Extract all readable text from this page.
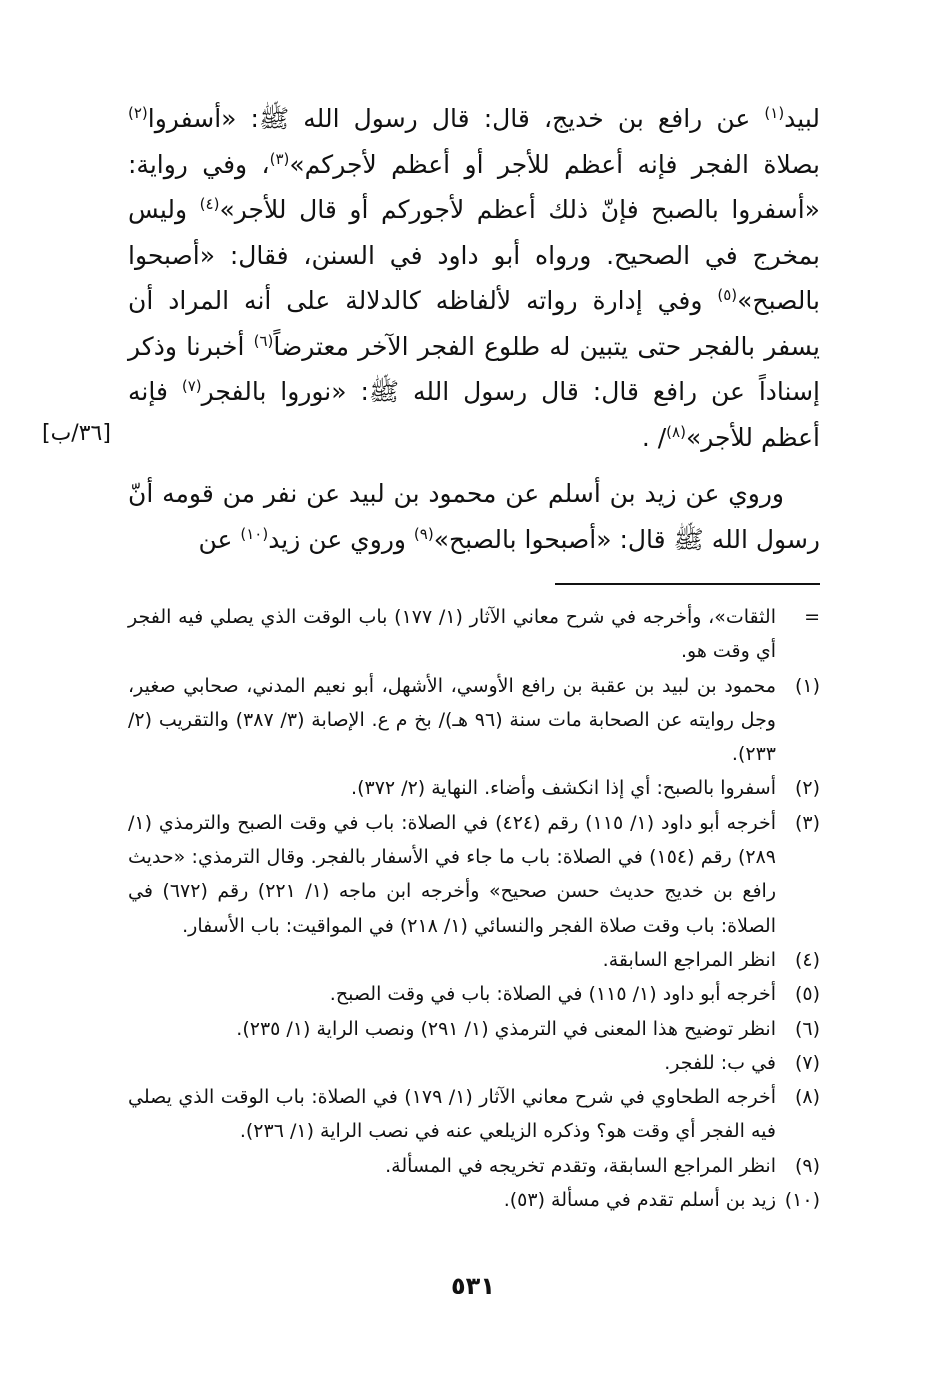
لبيد$^{(١)}$ عن رافع بن خديج، قال: قال رسول الله ﷺ: «أسفروا$^{(٢)}$ بصلاة الفجر فإنه أعظم للأجر أو أعظم لأجركم»$^{(٣)}$، وفي رواية: «أسفروا بالصبح فإنّ ذلك أعظم لأجوركم أو قال للأجر»$^{(٤)}$ وليس بمخرج في الصحيح. ورواه أبو داود في السنن، فقال: «أصبحوا بالصبح»$^{(٥)}$ وفي إدارة رواته لألفاظه كالدلالة على أنه المراد أن يسفر بالفجر حتى يتبين له طلوع الفجر الآخر معترضاً$^{(٦)}$ أخبرنا وذكر إسناداً عن رافع قال: قال رسول الله ﷺ: «نوروا بالفجر$^{(٧)}$ فإنه أعظم للأجر»$^{(٨)}$/ .
[٣٦/ب]
وروي عن زيد بن أسلم عن محمود بن لبيد عن نفر من قومه أنّ رسول الله ﷺ قال: «أصبحوا بالصبح»$^{(٩)}$ وروي عن زيد$^{(١٠)}$ عن
=
الثقات»، وأخرجه في شرح معاني الآثار (١/ ١٧٧) باب الوقت الذي يصلي فيه الفجر أي وقت هو.
(١)
محمود بن لبيد بن عقبة بن رافع الأوسي، الأشهل، أبو نعيم المدني، صحابي صغير، وجل روايته عن الصحابة مات سنة (٩٦ هـ)/ بخ م ع. الإصابة (٣/ ٣٨٧) والتقريب (٢/ ٢٣٣).
(٢)
أسفروا بالصبح: أي إذا انكشف وأضاء. النهاية (٢/ ٣٧٢).
(٣)
أخرجه أبو داود (١/ ١١٥) رقم (٤٢٤) في الصلاة: باب في وقت الصبح والترمذي (١/ ٢٨٩) رقم (١٥٤) في الصلاة: باب ما جاء في الأسفار بالفجر. وقال الترمذي: «حديث رافع بن خديج حديث حسن صحيح» وأخرجه ابن ماجه (١/ ٢٢١) رقم (٦٧٢) في الصلاة: باب وقت صلاة الفجر والنسائي (١/ ٢١٨) في المواقيت: باب الأسفار.
(٤)
انظر المراجع السابقة.
(٥)
أخرجه أبو داود (١/ ١١٥) في الصلاة: باب في وقت الصبح.
(٦)
انظر توضيح هذا المعنى في الترمذي (١/ ٢٩١) ونصب الراية (١/ ٢٣٥).
(٧)
في ب: للفجر.
(٨)
أخرجه الطحاوي في شرح معاني الآثار (١/ ١٧٩) في الصلاة: باب الوقت الذي يصلي فيه الفجر أي وقت هو؟ وذكره الزيلعي عنه في نصب الراية (١/ ٢٣٦).
(٩)
انظر المراجع السابقة، وتقدم تخريجه في المسألة.
(١٠)
زيد بن أسلم تقدم في مسألة (٥٣).
٥٣١
